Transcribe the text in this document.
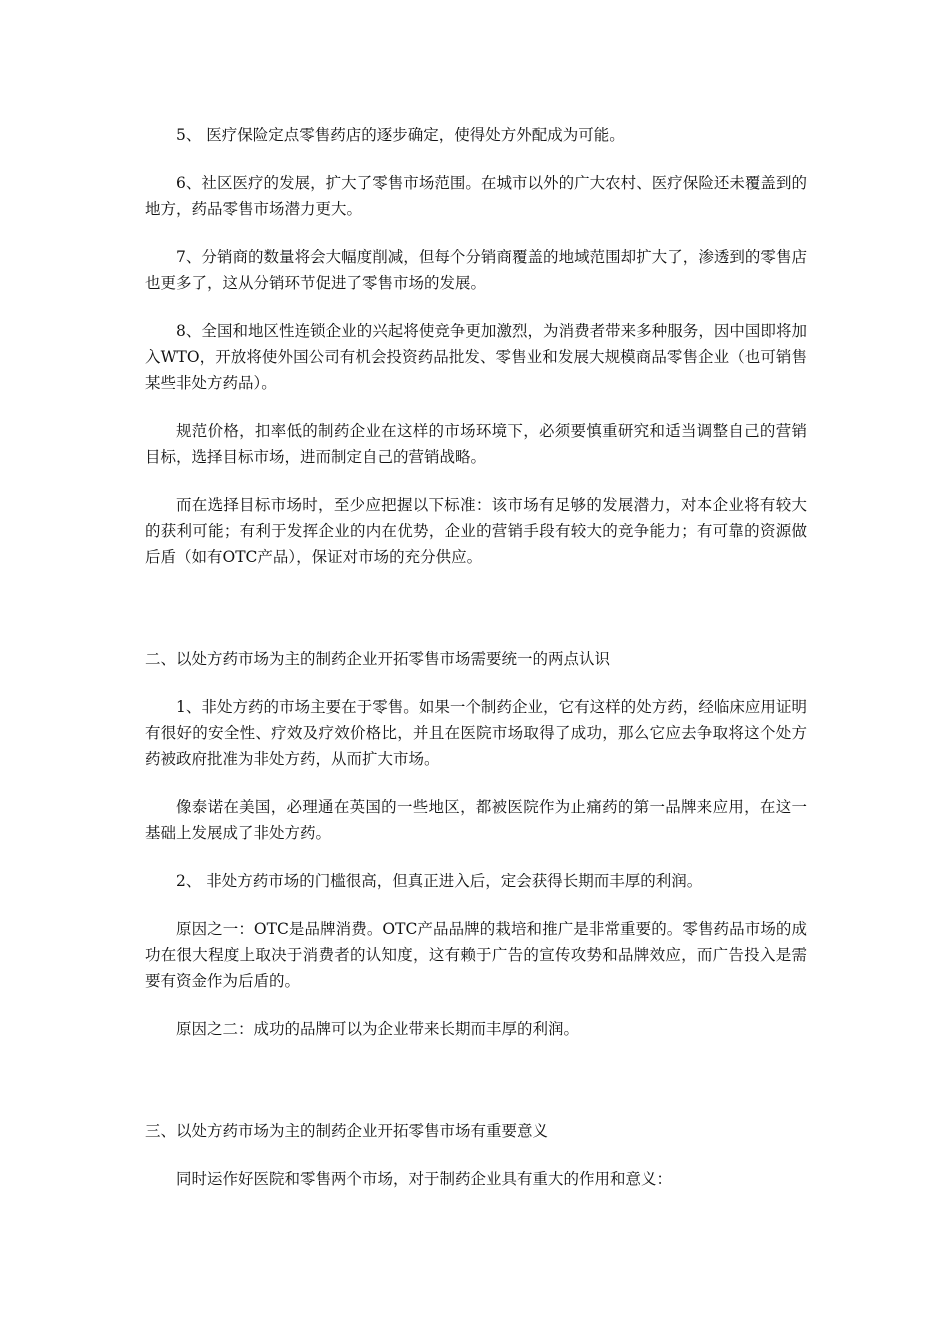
5、 医疗保险定点零售药店的逐步确定，使得处方外配成为可能。

6、社区医疗的发展，扩大了零售市场范围。在城市以外的广大农村、医疗保险还未覆盖到的地方，药品零售市场潜力更大。

7、分销商的数量将会大幅度削减，但每个分销商覆盖的地域范围却扩大了，渗透到的零售店也更多了，这从分销环节促进了零售市场的发展。

8、全国和地区性连锁企业的兴起将使竞争更加激烈，为消费者带来多种服务，因中国即将加入WTO，开放将使外国公司有机会投资药品批发、零售业和发展大规模商品零售企业（也可销售某些非处方药品）。

规范价格，扣率低的制药企业在这样的市场环境下，必须要慎重研究和适当调整自己的营销目标，选择目标市场，进而制定自己的营销战略。

而在选择目标市场时，至少应把握以下标准：该市场有足够的发展潜力，对本企业将有较大的获利可能；有利于发挥企业的内在优势，企业的营销手段有较大的竞争能力；有可靠的资源做后盾（如有OTC产品），保证对市场的充分供应。

二、以处方药市场为主的制药企业开拓零售市场需要统一的两点认识

1、非处方药的市场主要在于零售。如果一个制药企业，它有这样的处方药，经临床应用证明有很好的安全性、疗效及疗效价格比，并且在医院市场取得了成功，那么它应去争取将这个处方药被政府批准为非处方药，从而扩大市场。

像泰诺在美国，必理通在英国的一些地区，都被医院作为止痛药的第一品牌来应用，在这一基础上发展成了非处方药。

2、 非处方药市场的门槛很高，但真正进入后，定会获得长期而丰厚的利润。

原因之一：OTC是品牌消费。OTC产品品牌的栽培和推广是非常重要的。零售药品市场的成功在很大程度上取决于消费者的认知度，这有赖于广告的宣传攻势和品牌效应，而广告投入是需要有资金作为后盾的。

原因之二：成功的品牌可以为企业带来长期而丰厚的利润。

三、以处方药市场为主的制药企业开拓零售市场有重要意义

同时运作好医院和零售两个市场，对于制药企业具有重大的作用和意义：
